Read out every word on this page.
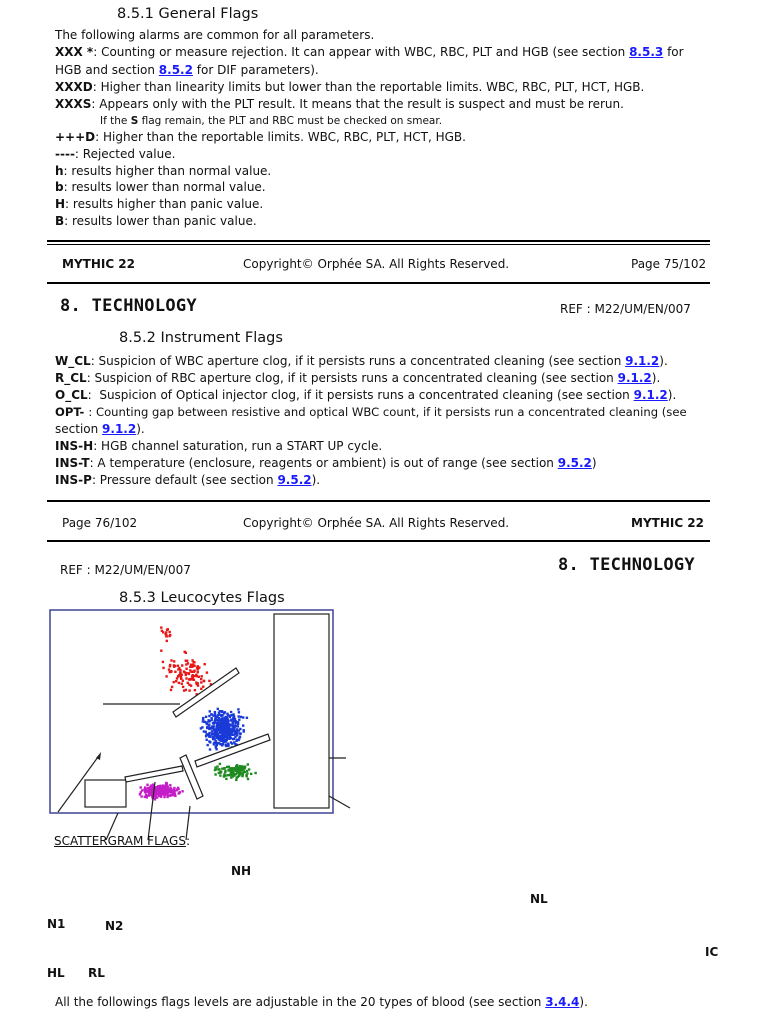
8.5.1 General Flags
The following alarms are common for all parameters.
XXX *: Counting or measure rejection. It can appear with WBC, RBC, PLT and HGB (see section 8.5.3 for
HGB and section 8.5.2 for DIF parameters).
XXXD: Higher than linearity limits but lower than the reportable limits. WBC, RBC, PLT, HCT, HGB.
XXXS: Appears only with the PLT result. It means that the result is suspect and must be rerun.
If the S flag remain, the PLT and RBC must be checked on smear.
+++D: Higher than the reportable limits. WBC, RBC, PLT, HCT, HGB.
----: Rejected value.
h: results higher than normal value.
b: results lower than normal value.
H: results higher than panic value.
B: results lower than panic value.
MYTHIC 22	Copyright© Orphée SA. All Rights Reserved.	Page 75/102
8. TECHNOLOGY	REF : M22/UM/EN/007
8.5.2 Instrument Flags
W_CL: Suspicion of WBC aperture clog, if it persists runs a concentrated cleaning (see section 9.1.2).
R_CL: Suspicion of RBC aperture clog, if it persists runs a concentrated cleaning (see section 9.1.2).
O_CL:  Suspicion of Optical injector clog, if it persists runs a concentrated cleaning (see section 9.1.2).
OPT- : Counting gap between resistive and optical WBC count, if it persists run a concentrated cleaning (see
section 9.1.2).
INS-H: HGB channel saturation, run a START UP cycle.
INS-T: A temperature (enclosure, reagents or ambient) is out of range (see section 9.5.2)
INS-P: Pressure default (see section 9.5.2).
Page 76/102	Copyright© Orphée SA. All Rights Reserved.	MYTHIC 22
REF : M22/UM/EN/007	8. TECHNOLOGY
8.5.3 Leucocytes Flags
SCATTERGRAM FLAGS:
NH
NL
N1	N2
IC
HL RL
All the followings flags levels are adjustable in the 20 types of blood (see section 3.4.4).
